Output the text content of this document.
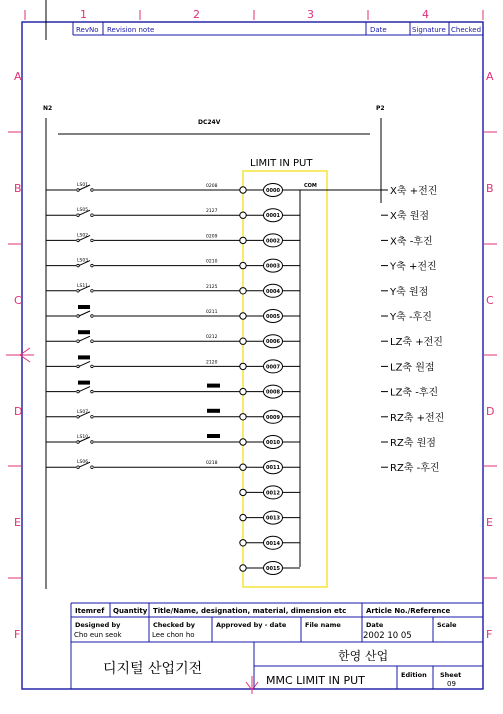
1	2	3	4
RevNo Revision note	Date	Signature Checked
A	A
B	B
C	C
D	D
E	E
F	F
N2	P2
DC24V
LIMIT IN PUT
COM
LS01	0208	X축 +전진
0000
LS05	2127	X축 원점
0001
LS02	0209	X축 -후진
0002
LS03	0210	Y축 +전진
0003
LS11	2125	Y축 원점
0004
0211	Y축 -후진
0005
0212	LZ축 +전진
0006
2120	LZ축 원점
0007
LZ축 -후진
0008
LS07
RZ축 +전진
0009
LS10
RZ축 원점
0010
LS06	0218	RZ축 -후진
0011
0012
0013
0014
0015
Itemref Quantity Title/Name, designation, material, dimension etc	Article No./Reference
Designed by
Cho eun seok
Checked by
Lee chon ho
Approved by - date	File name	Date
2002 10 05
Scale
디지털 산업기전
한영 산업
MMC LIMIT IN PUT	Edition Sheet
09
